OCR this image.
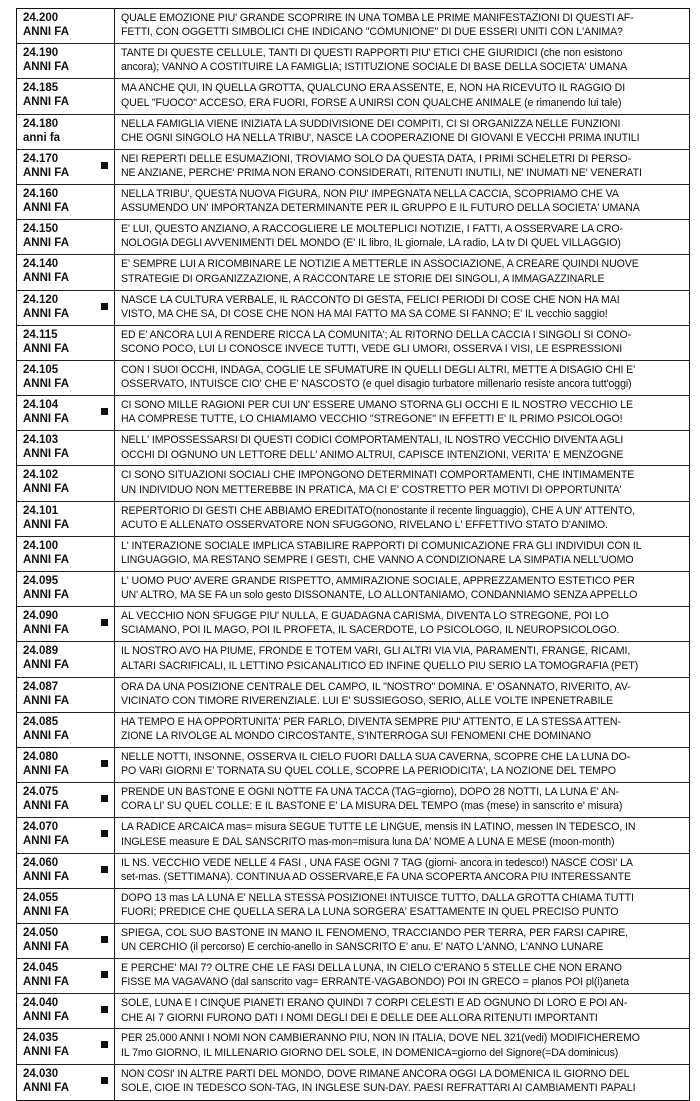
24.200
ANNI FA
QUALE EMOZIONE PIU' GRANDE SCOPRIRE IN UNA TOMBA LE PRIME MANIFESTAZIONI DI QUESTI AF-
FETTI, CON OGGETTI SIMBOLICI CHE INDICANO "COMUNIONE" DI DUE ESSERI UNITI CON L'ANIMA?
24.190
ANNI FA
TANTE DI QUESTE CELLULE, TANTI DI QUESTI RAPPORTI PIU' ETICI CHE GIURIDICI (che non esistono
ancora); VANNO A COSTITUIRE LA FAMIGLIA; ISTITUZIONE SOCIALE DI BASE DELLA SOCIETA' UMANA
24.185
ANNI FA
MA ANCHE QUI, IN QUELLA GROTTA, QUALCUNO ERA ASSENTE, E, NON HA RICEVUTO IL RAGGIO DI
QUEL "FUOCO" ACCESO, ERA FUORI, FORSE A UNIRSI CON QUALCHE ANIMALE (e rimanendo lui tale)
24.180
anni fa
NELLA FAMIGLIA VIENE INIZIATA LA SUDDIVISIONE DEI COMPITI, CI SI ORGANIZZA NELLE FUNZIONI
CHE OGNI SINGOLO HA NELLA TRIBU', NASCE LA COOPERAZIONE DI GIOVANI E VECCHI PRIMA INUTILI
24.170
ANNI FA
NEI REPERTI DELLE ESUMAZIONI, TROVIAMO SOLO DA QUESTA DATA, I PRIMI SCHELETRI DI PERSO-
NE ANZIANE, PERCHE' PRIMA NON ERANO CONSIDERATI, RITENUTI INUTILI, NE' INUMATI NE' VENERATI
24.160
ANNI FA
NELLA TRIBU', QUESTA NUOVA FIGURA, NON PIU' IMPEGNATA NELLA CACCIA, SCOPRIAMO CHE VA
ASSUMENDO UN' IMPORTANZA DETERMINANTE PER IL GRUPPO E IL FUTURO DELLA SOCIETA' UMANA
24.150
ANNI FA
E' LUI, QUESTO ANZIANO, A RACCOGLIERE LE MOLTEPLICI NOTIZIE, I FATTI, A OSSERVARE LA CRO-
NOLOGIA DEGLI AVVENIMENTI DEL MONDO (E' IL libro, IL giornale, LA radio, LA tv DI QUEL VILLAGGIO)
24.140
ANNI FA
E' SEMPRE LUI A RICOMBINARE LE NOTIZIE A METTERLE IN ASSOCIAZIONE, A CREARE QUINDI NUOVE
STRATEGIE DI ORGANIZZAZIONE, A RACCONTARE LE STORIE DEI SINGOLI, A IMMAGAZZINARLE
24.120
ANNI FA
NASCE LA CULTURA VERBALE, IL RACCONTO DI GESTA, FELICI PERIODI DI COSE CHE NON HA MAI
VISTO, MA CHE SA, DI COSE CHE NON HA MAI FATTO MA SA COME SI FANNO; E' IL vecchio saggio!
24.115
ANNI FA
ED E' ANCORA LUI A RENDERE RICCA LA COMUNITA'; AL RITORNO DELLA CACCIA I SINGOLI SI CONO-
SCONO POCO, LUI LI CONOSCE INVECE TUTTI, VEDE GLI UMORI, OSSERVA I VISI, LE ESPRESSIONI
24.105
ANNI FA
CON I SUOI OCCHI, INDAGA, COGLIE LE SFUMATURE IN QUELLI DEGLI ALTRI, METTE A DISAGIO CHI E'
OSSERVATO, INTUISCE CIO' CHE E' NASCOSTO (e quel disagio turbatore millenario resiste ancora tutt'oggi)
24.104
ANNI FA
CI SONO MILLE RAGIONI PER CUI UN' ESSERE UMANO STORNA GLI OCCHI E IL NOSTRO VECCHIO LE
HA COMPRESE TUTTE, LO CHIAMIAMO VECCHIO "STREGONE" IN EFFETTI E' IL PRIMO PSICOLOGO!
24.103
ANNI FA
NELL' IMPOSSESSARSI DI QUESTI CODICI COMPORTAMENTALI, IL NOSTRO VECCHIO DIVENTA AGLI
OCCHI DI OGNUNO UN LETTORE DELL' ANIMO ALTRUI, CAPISCE INTENZIONI, VERITA' E MENZOGNE
24.102
ANNI FA
CI SONO SITUAZIONI SOCIALI CHE IMPONGONO DETERMINATI COMPORTAMENTI, CHE INTIMAMENTE
UN INDIVIDUO NON METTEREBBE IN PRATICA, MA CI E' COSTRETTO PER MOTIVI DI OPPORTUNITA'
24.101
ANNI FA
REPERTORIO DI GESTI CHE ABBIAMO EREDITATO(nonostante il recente linguaggio), CHE A UN' ATTENTO,
ACUTO E ALLENATO OSSERVATORE NON SFUGGONO, RIVELANO L' EFFETTIVO STATO D'ANIMO.
24.100
ANNI FA
L' INTERAZIONE SOCIALE IMPLICA STABILIRE RAPPORTI DI COMUNICAZIONE FRA GLI INDIVIDUI CON IL
LINGUAGGIO, MA RESTANO SEMPRE I GESTI, CHE VANNO A CONDIZIONARE LA SIMPATIA NELL'UOMO
24.095
ANNI FA
L' UOMO PUO' AVERE GRANDE RISPETTO, AMMIRAZIONE SOCIALE, APPREZZAMENTO ESTETICO PER
UN' ALTRO, MA SE FA un solo gesto DISSONANTE, LO ALLONTANIAMO, CONDANNIAMO SENZA APPELLO
24.090
ANNI FA
AL VECCHIO NON SFUGGE PIU' NULLA, E GUADAGNA CARISMA, DIVENTA LO STREGONE, POI LO
SCIAMANO, POI IL MAGO, POI IL PROFETA, IL SACERDOTE, LO PSICOLOGO, IL NEUROPSICOLOGO.
24.089
ANNI FA
IL NOSTRO AVO HA PIUME, FRONDE E TOTEM VARI, GLI ALTRI VIA VIA, PARAMENTI, FRANGE, RICAMI,
ALTARI SACRIFICALI, IL LETTINO PSICANALITICO ED INFINE QUELLO PIU SERIO LA TOMOGRAFIA (PET)
24.087
ANNI FA
ORA DA UNA POSIZIONE CENTRALE DEL CAMPO, IL "NOSTRO" DOMINA. E' OSANNATO, RIVERITO, AV-
VICINATO CON TIMORE RIVERENZIALE. LUI E' SUSSIEGOSO, SERIO, ALLE VOLTE INPENETRABILE
24.085
ANNI FA
HA TEMPO E HA OPPORTUNITA' PER FARLO, DIVENTA SEMPRE PIU' ATTENTO, E LA STESSA ATTEN-
ZIONE LA RIVOLGE AL MONDO CIRCOSTANTE, S'INTERROGA SUI FENOMENI CHE DOMINANO
24.080
ANNI FA
NELLE NOTTI, INSONNE, OSSERVA IL CIELO FUORI DALLA SUA CAVERNA, SCOPRE CHE LA LUNA DO-
PO VARI GIORNI E' TORNATA SU QUEL COLLE, SCOPRE LA PERIODICITA', LA NOZIONE DEL TEMPO
24.075
ANNI FA
PRENDE UN BASTONE E OGNI NOTTE FA UNA TACCA (TAG=giorno), DOPO 28 NOTTI, LA LUNA E' AN-
CORA LI' SU QUEL COLLE: E IL BASTONE E' LA MISURA DEL TEMPO (mas (mese) in sanscrito e' misura)
24.070
ANNI FA
LA RADICE ARCAICA mas= misura SEGUE TUTTE LE LINGUE, mensis IN LATINO, messen IN TEDESCO, IN
INGLESE measure E DAL SANSCRITO mas-mon=misura luna DA' NOME A LUNA E MESE (moon-month)
24.060
ANNI FA
IL NS. VECCHIO VEDE NELLE 4 FASI , UNA FASE OGNI 7 TAG (giorni- ancora in tedesco!) NASCE COSI' LA
set-mas. (SETTIMANA). CONTINUA AD OSSERVARE,E FA UNA SCOPERTA ANCORA PIU INTERESSANTE
24.055
ANNI FA
DOPO 13 mas LA LUNA E' NELLA STESSA POSIZIONE! INTUISCE TUTTO, DALLA GROTTA CHIAMA TUTTI
FUORI; PREDICE CHE QUELLA SERA LA LUNA SORGERA' ESATTAMENTE IN QUEL PRECISO PUNTO
24.050
ANNI FA
SPIEGA, COL SUO BASTONE IN MANO IL FENOMENO, TRACCIANDO PER TERRA, PER FARSI CAPIRE,
UN CERCHIO (il percorso) E cerchio-anello in SANSCRITO E' anu. E' NATO L'ANNO, L'ANNO LUNARE
24.045
ANNI FA
E PERCHE' MAI 7? OLTRE CHE LE FASI DELLA LUNA, IN CIELO C'ERANO 5 STELLE CHE NON ERANO
FISSE MA VAGAVANO (dal sanscrito vag= ERRANTE-VAGABONDO) POI IN GRECO = planos POI pl(i)aneta
24.040
ANNI FA
SOLE, LUNA E I CINQUE PIANETI ERANO QUINDI 7 CORPI CELESTI E AD OGNUNO DI LORO E POI AN-
CHE AI 7 GIORNI FURONO DATI I NOMI DEGLI DEI E DELLE DEE ALLORA RITENUTI IMPORTANTI
24.035
ANNI FA
PER 25.000 ANNI I NOMI NON CAMBIERANNO PIU, NON IN ITALIA, DOVE NEL 321(vedi) MODIFICHEREMO
IL 7mo GIORNO, IL MILLENARIO GIORNO DEL SOLE, IN DOMENICA=giorno del Signore(=DA dominicus)
24.030
ANNI FA
NON COSI' IN ALTRE PARTI DEL MONDO, DOVE RIMANE ANCORA OGGI LA DOMENICA IL GIORNO DEL
SOLE, CIOE IN TEDESCO SON-TAG, IN INGLESE SUN-DAY. PAESI REFRATTARI AI CAMBIAMENTI PAPALI
